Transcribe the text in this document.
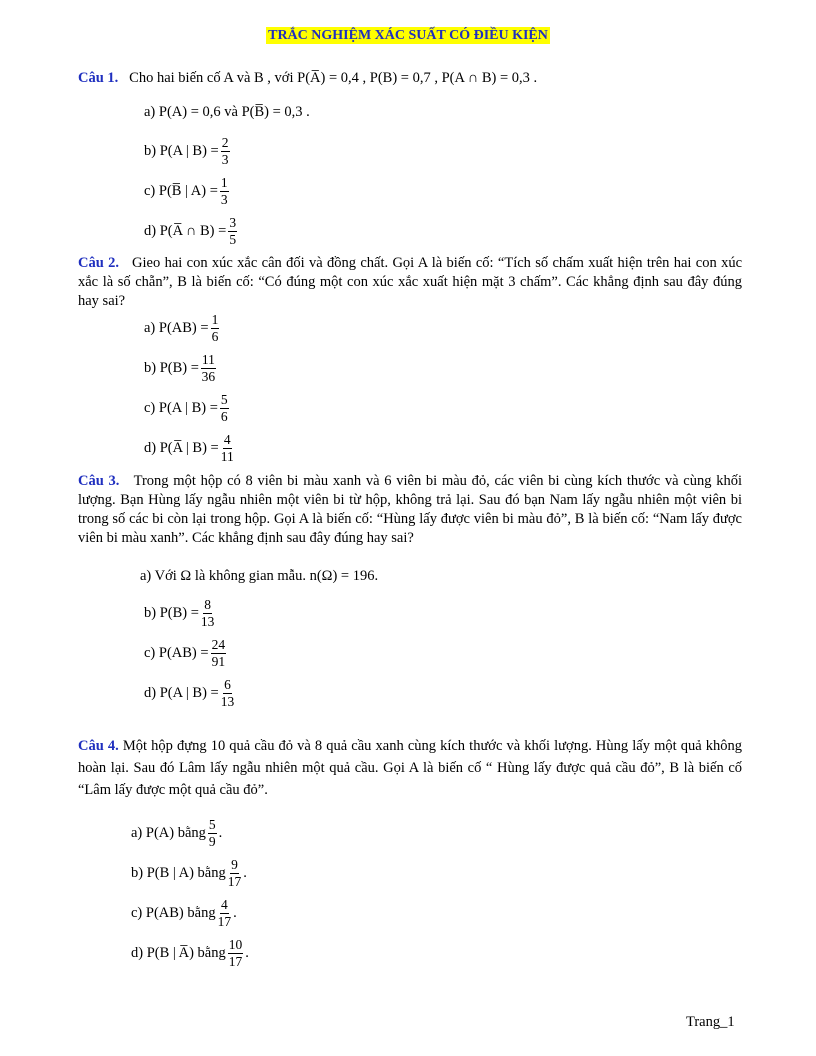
TRẮC NGHIỆM XÁC SUẤT CÓ ĐIỀU KIỆN
Câu 1. Cho hai biến cố A và B , với P(A̅) = 0,4 , P(B) = 0,7 , P(A ∩ B) = 0,3 .
a) P(A) = 0,6 và P(B̅) = 0,3 .
b) P(A | $B) = \frac{2}{3}$
c) P(B̅ | $A) = \frac{1}{3}$
d) P(A̅ ∩ $B) = \frac{3}{5}$
Câu 2. Gieo hai con xúc xắc cân đối và đồng chất. Gọi A là biến cố: “Tích số chấm xuất hiện trên hai con xúc xắc là số chẵn”, B là biến cố: “Có đúng một con xúc xắc xuất hiện mặt 3 chấm”. Các khẳng định sau đây đúng hay sai?
a) $P(AB) = \frac{1}{6}$
b) $P(B) = \frac{11}{36}$
c) P(A | $B) = \frac{5}{6}$
d) P(A̅ | $B) = \frac{4}{11}$
Câu 3. Trong một hộp có 8 viên bi màu xanh và 6 viên bi màu đỏ, các viên bi cùng kích thước và cùng khối lượng. Bạn Hùng lấy ngẫu nhiên một viên bi từ hộp, không trả lại. Sau đó bạn Nam lấy ngẫu nhiên một viên bi trong số các bi còn lại trong hộp. Gọi A là biến cố: “Hùng lấy được viên bi màu đỏ”, B là biến cố: “Nam lấy được viên bi màu xanh”. Các khẳng định sau đây đúng hay sai?
a) Với Ω là không gian mẫu. n(Ω) = 196.
b) $P(B) = \frac{8}{13}$
c) $P(AB) = \frac{24}{91}$
d) P(A | $B) = \frac{6}{13}$
Câu 4. Một hộp đựng 10 quả cầu đỏ và 8 quả cầu xanh cùng kích thước và khối lượng. Hùng lấy một quả không hoàn lại. Sau đó Lâm lấy ngẫu nhiên một quả cầu. Gọi A là biến cố “ Hùng lấy được quả cầu đỏ”, B là biến cố “Lâm lấy được một quả cầu đỏ”.
a) P(A) bằng $\frac{5}{9}$ .
b) P(B | A) bằng $\frac{9}{17}$ .
c) P(AB) bằng $\frac{4}{17}$ .
d) P(B | A̅) bằng $\frac{10}{17}$ .
Trang_1
